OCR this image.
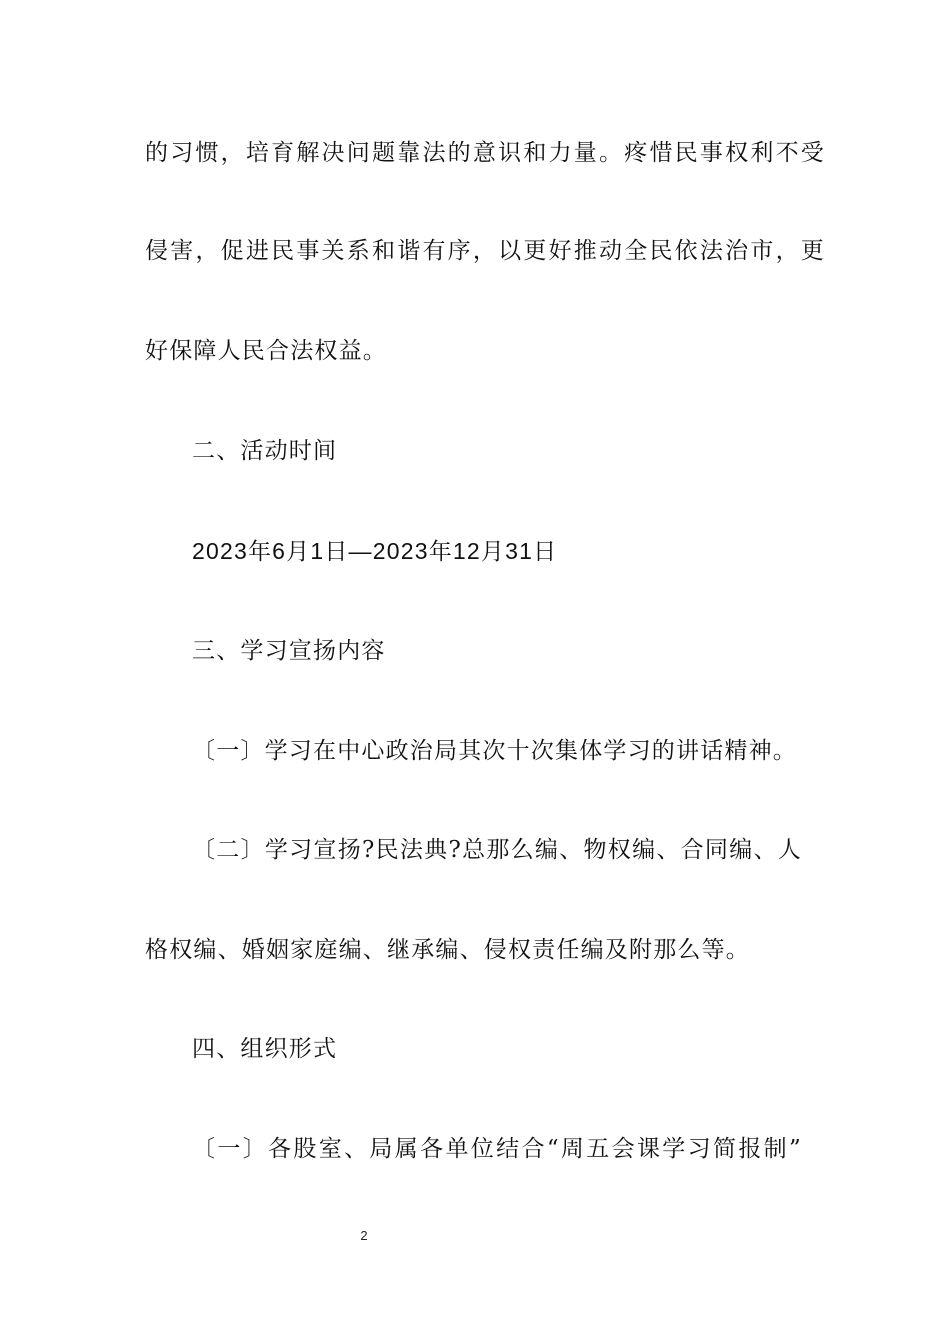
的习惯，培育解决问题靠法的意识和力量。疼惜民事权利不受
侵害，促进民事关系和谐有序，以更好推动全民依法治市，更
好保障人民合法权益。
二、活动时间
2023年6月1日—2023年12月31日
三、学习宣扬内容
〔一〕学习在中心政治局其次十次集体学习的讲话精神。
〔二〕学习宣扬?民法典?总那么编、物权编、合同编、人
格权编、婚姻家庭编、继承编、侵权责任编及附那么等。
四、组织形式
〔一〕各股室、局属各单位结合“周五会课学习简报制”
2
